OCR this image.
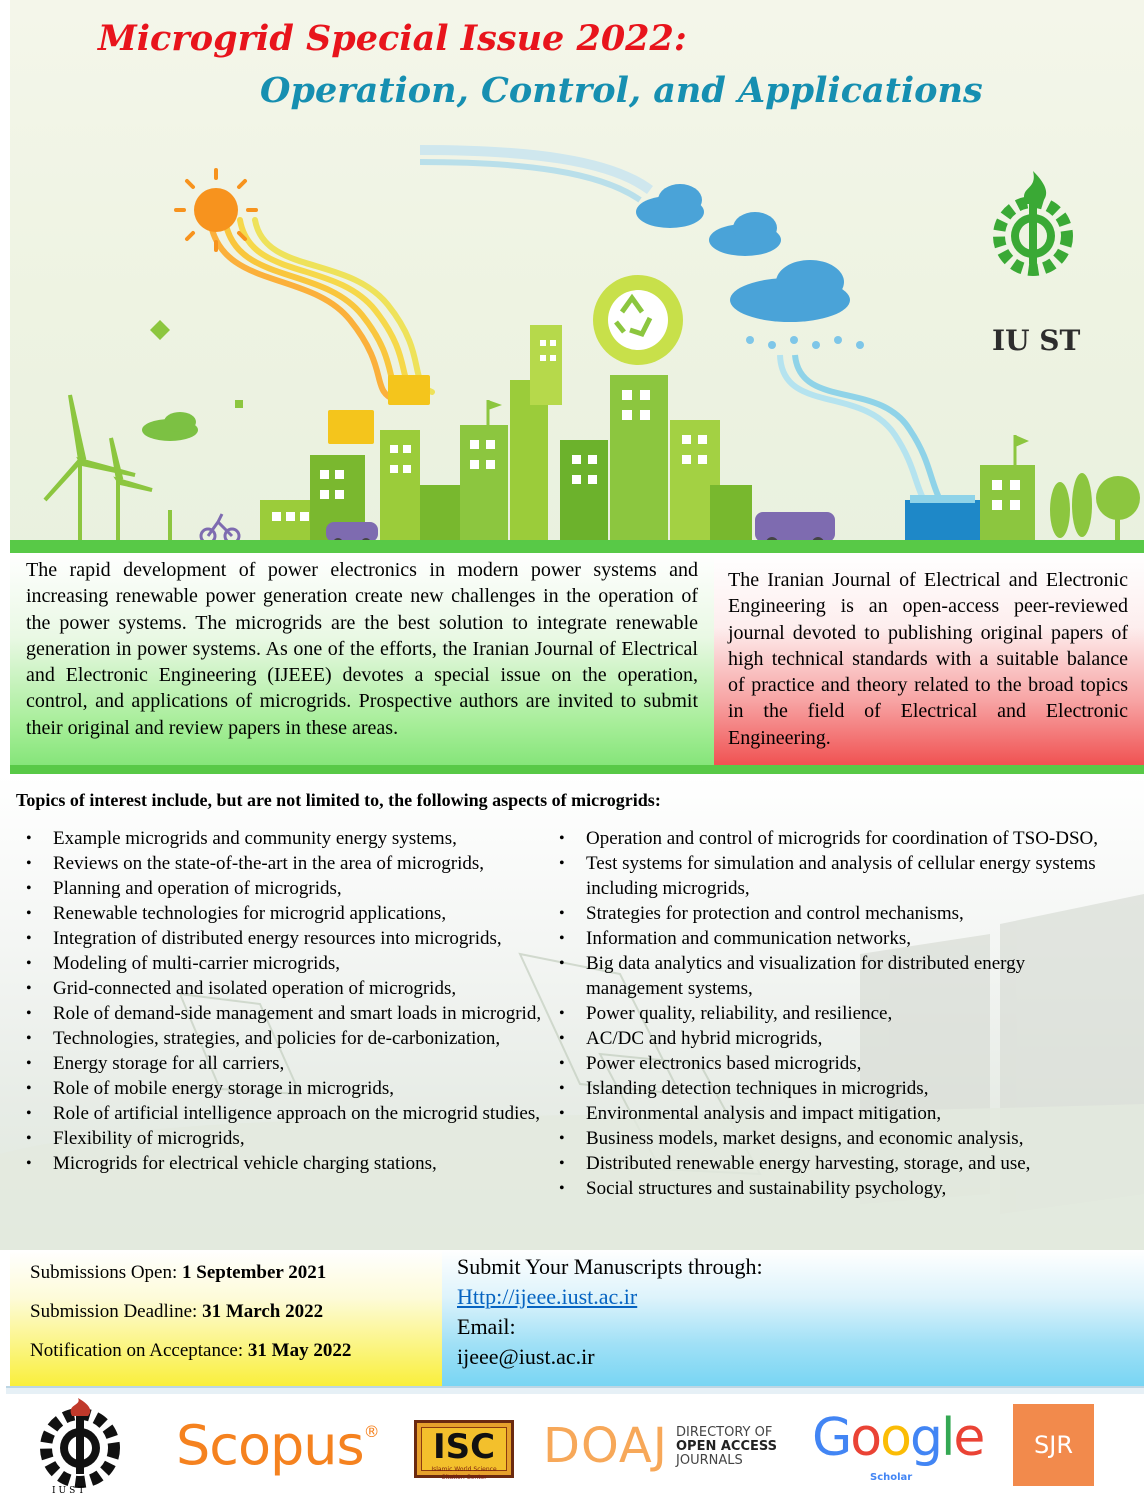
Microgrid Special Issue 2022:
Operation, Control, and Applications
IU ST
The rapid development of power electronics in modern power systems and increasing renewable power generation create new challenges in the operation of the power systems. The microgrids are the best solution to integrate renewable generation in power systems. As one of the efforts, the Iranian Journal of Electrical and Electronic Engineering (IJEEE) devotes a special issue on the operation, control, and applications of microgrids. Prospective authors are invited to submit their original and review papers in these areas.
The Iranian Journal of Electrical and Electronic Engineering is an open-access peer-reviewed journal devoted to publishing original papers of high technical standards with a suitable balance of practice and theory related to the broad topics in the field of Electrical and Electronic Engineering.
Topics of interest include, but are not limited to, the following aspects of microgrids:
• Example microgrids and community energy systems,
• Reviews on the state-of-the-art in the area of microgrids,
• Planning and operation of microgrids,
• Renewable technologies for microgrid applications,
• Integration of distributed energy resources into microgrids,
• Modeling of multi-carrier microgrids,
• Grid-connected and isolated operation of microgrids,
• Role of demand-side management and smart loads in microgrid,
• Technologies, strategies, and policies for de-carbonization,
• Energy storage for all carriers,
• Role of mobile energy storage in microgrids,
• Role of artificial intelligence approach on the microgrid studies,
• Flexibility of microgrids,
• Microgrids for electrical vehicle charging stations,
• Operation and control of microgrids for coordination of TSO-DSO,
• Test systems for simulation and analysis of cellular energy systems including microgrids,
• Strategies for protection and control mechanisms,
• Information and communication networks,
• Big data analytics and visualization for distributed energy management systems,
• Power quality, reliability, and resilience,
• AC/DC and hybrid microgrids,
• Power electronics based microgrids,
• Islanding detection techniques in microgrids,
• Environmental analysis and impact mitigation,
• Business models, market designs, and economic analysis,
• Distributed renewable energy harvesting, storage, and use,
• Social structures and sustainability psychology,
Submissions Open: 1 September 2021
Submission Deadline: 31 March 2022
Notification on Acceptance: 31 May 2022
Submit Your Manuscripts through:
Http://ijeee.iust.ac.ir
Email:
ijeee@iust.ac.ir
IUST
Scopus®	ISC
Islamic World Science Citation Center
DOAJ DIRECTORY OF
OPEN ACCESS
JOURNALS	Google
Scholar
SJR
